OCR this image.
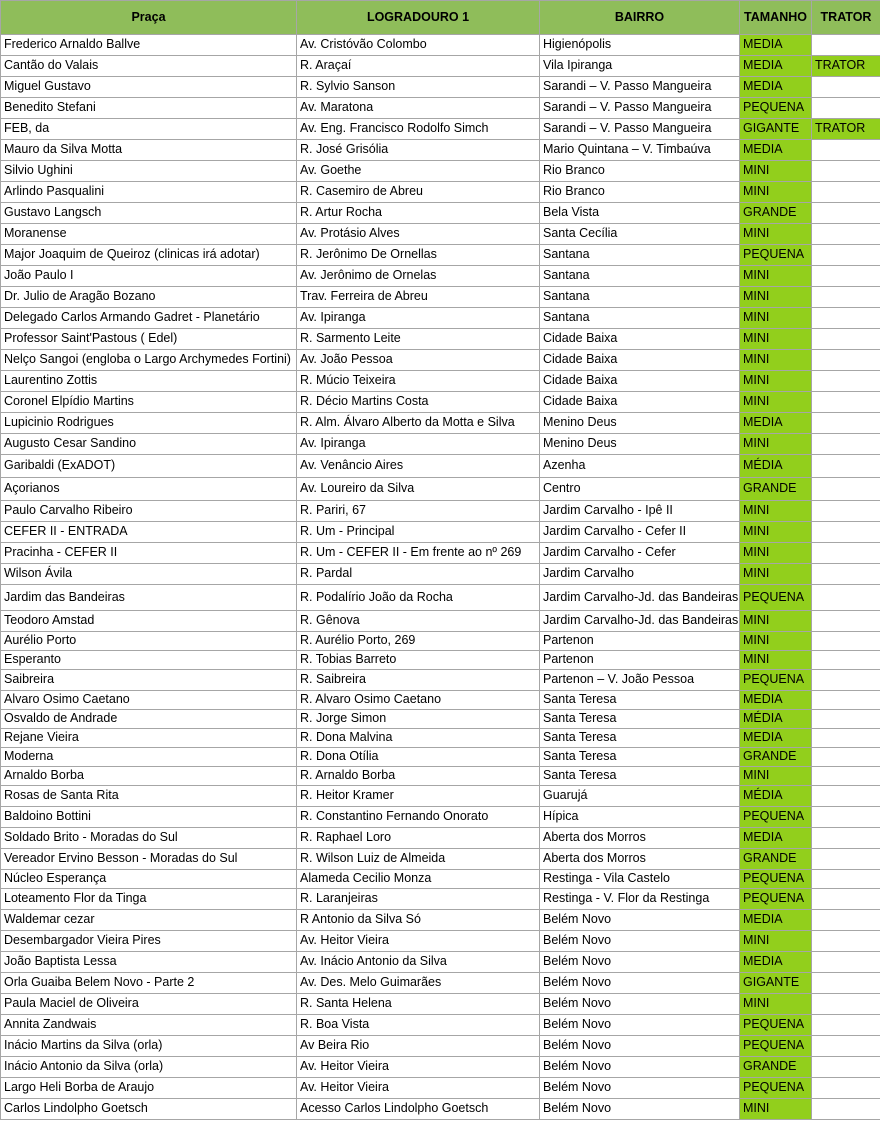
Praça	LOGRADOURO 1	BAIRRO	TAMANHO	TRATOR
Frederico Arnaldo Ballve	Av. Cristóvão Colombo	Higienópolis	MEDIA	
Cantão do Valais	R. Araçaí	Vila Ipiranga	MEDIA	TRATOR
Miguel Gustavo	R. Sylvio Sanson	Sarandi – V. Passo Mangueira	MEDIA	
Benedito Stefani	Av. Maratona	Sarandi – V. Passo Mangueira	PEQUENA	
FEB, da	Av. Eng. Francisco Rodolfo Simch	Sarandi – V. Passo Mangueira	GIGANTE	TRATOR
Mauro da Silva Motta	R. José Grisólia	Mario Quintana – V. Timbaúva	MEDIA	
Silvio Ughini	Av. Goethe	Rio Branco	MINI	
Arlindo Pasqualini	R. Casemiro de Abreu	Rio Branco	MINI	
Gustavo Langsch	R. Artur Rocha	Bela Vista	GRANDE	
Moranense	Av. Protásio Alves	Santa Cecília	MINI	
Major Joaquim de Queiroz (clinicas irá adotar)	R. Jerônimo De Ornellas	Santana	PEQUENA	
João Paulo I	Av. Jerônimo de Ornelas	Santana	MINI	
Dr. Julio de Aragão Bozano	Trav. Ferreira de Abreu	Santana	MINI	
Delegado Carlos Armando Gadret - Planetário	Av. Ipiranga	Santana	MINI	
Professor Saint'Pastous ( Edel)	R. Sarmento Leite	Cidade Baixa	MINI	
Nelço Sangoi (engloba o Largo Archymedes Fortini)	Av. João Pessoa	Cidade Baixa	MINI	
Laurentino Zottis	R. Múcio Teixeira	Cidade Baixa	MINI	
Coronel Elpídio Martins	R. Décio Martins Costa	Cidade Baixa	MINI	
Lupicinio Rodrigues	R. Alm. Álvaro Alberto da Motta e Silva	Menino Deus	MEDIA	
Augusto Cesar Sandino	Av. Ipiranga	Menino Deus	MINI	
Garibaldi (ExADOT)	Av. Venâncio Aires	Azenha	MÉDIA	
Açorianos	Av. Loureiro da Silva	Centro	GRANDE	
Paulo Carvalho Ribeiro	R. Pariri, 67	Jardim Carvalho - Ipê II	MINI	
CEFER II - ENTRADA	R. Um - Principal	Jardim Carvalho - Cefer II	MINI	
Pracinha - CEFER II	R. Um - CEFER II - Em frente ao nº 269	Jardim Carvalho - Cefer	MINI	
Wilson Ávila	R. Pardal	Jardim Carvalho	MINI	
Jardim das Bandeiras	R. Podalírio João da Rocha	Jardim Carvalho-Jd. das Bandeiras	PEQUENA	
Teodoro Amstad	R. Gênova	Jardim Carvalho-Jd. das Bandeiras	MINI	
Aurélio Porto	R. Aurélio Porto, 269	Partenon	MINI	
Esperanto	R. Tobias Barreto	Partenon	MINI	
Saibreira	R. Saibreira	Partenon – V. João Pessoa	PEQUENA	
Alvaro Osimo Caetano	R. Alvaro Osimo Caetano	Santa Teresa	MEDIA	
Osvaldo de Andrade	R. Jorge Simon	Santa Teresa	MÉDIA	
Rejane Vieira	R. Dona Malvina	Santa Teresa	MEDIA	
Moderna	R. Dona Otília	Santa Teresa	GRANDE	
Arnaldo Borba	R. Arnaldo Borba	Santa Teresa	MINI	
Rosas de Santa Rita	R. Heitor Kramer	Guarujá	MÉDIA	
Baldoino Bottini	R. Constantino Fernando Onorato	Hípica	PEQUENA	
Soldado Brito - Moradas do Sul	R. Raphael Loro	Aberta dos Morros	MEDIA	
Vereador Ervino Besson - Moradas do Sul	R. Wilson Luiz de Almeida	Aberta dos Morros	GRANDE	
Núcleo Esperança	Alameda Cecilio Monza	Restinga - Vila Castelo	PEQUENA	
Loteamento Flor da Tinga	R. Laranjeiras	Restinga - V. Flor da Restinga	PEQUENA	
Waldemar cezar	R Antonio da Silva Só	Belém Novo	MEDIA	
Desembargador Vieira Pires	Av. Heitor Vieira	Belém Novo	MINI	
João Baptista Lessa	Av. Inácio Antonio da Silva	Belém Novo	MEDIA	
Orla Guaiba Belem Novo - Parte 2	Av. Des. Melo Guimarães	Belém Novo	GIGANTE	
Paula Maciel de Oliveira	R. Santa Helena	Belém Novo	MINI	
Annita Zandwais	R. Boa Vista	Belém Novo	PEQUENA	
Inácio Martins da Silva (orla)	Av Beira Rio	Belém Novo	PEQUENA	
Inácio Antonio da Silva (orla)	Av. Heitor Vieira	Belém Novo	GRANDE	
Largo Heli Borba de Araujo	Av. Heitor Vieira	Belém Novo	PEQUENA	
Carlos Lindolpho Goetsch	Acesso Carlos Lindolpho Goetsch	Belém Novo	MINI	
